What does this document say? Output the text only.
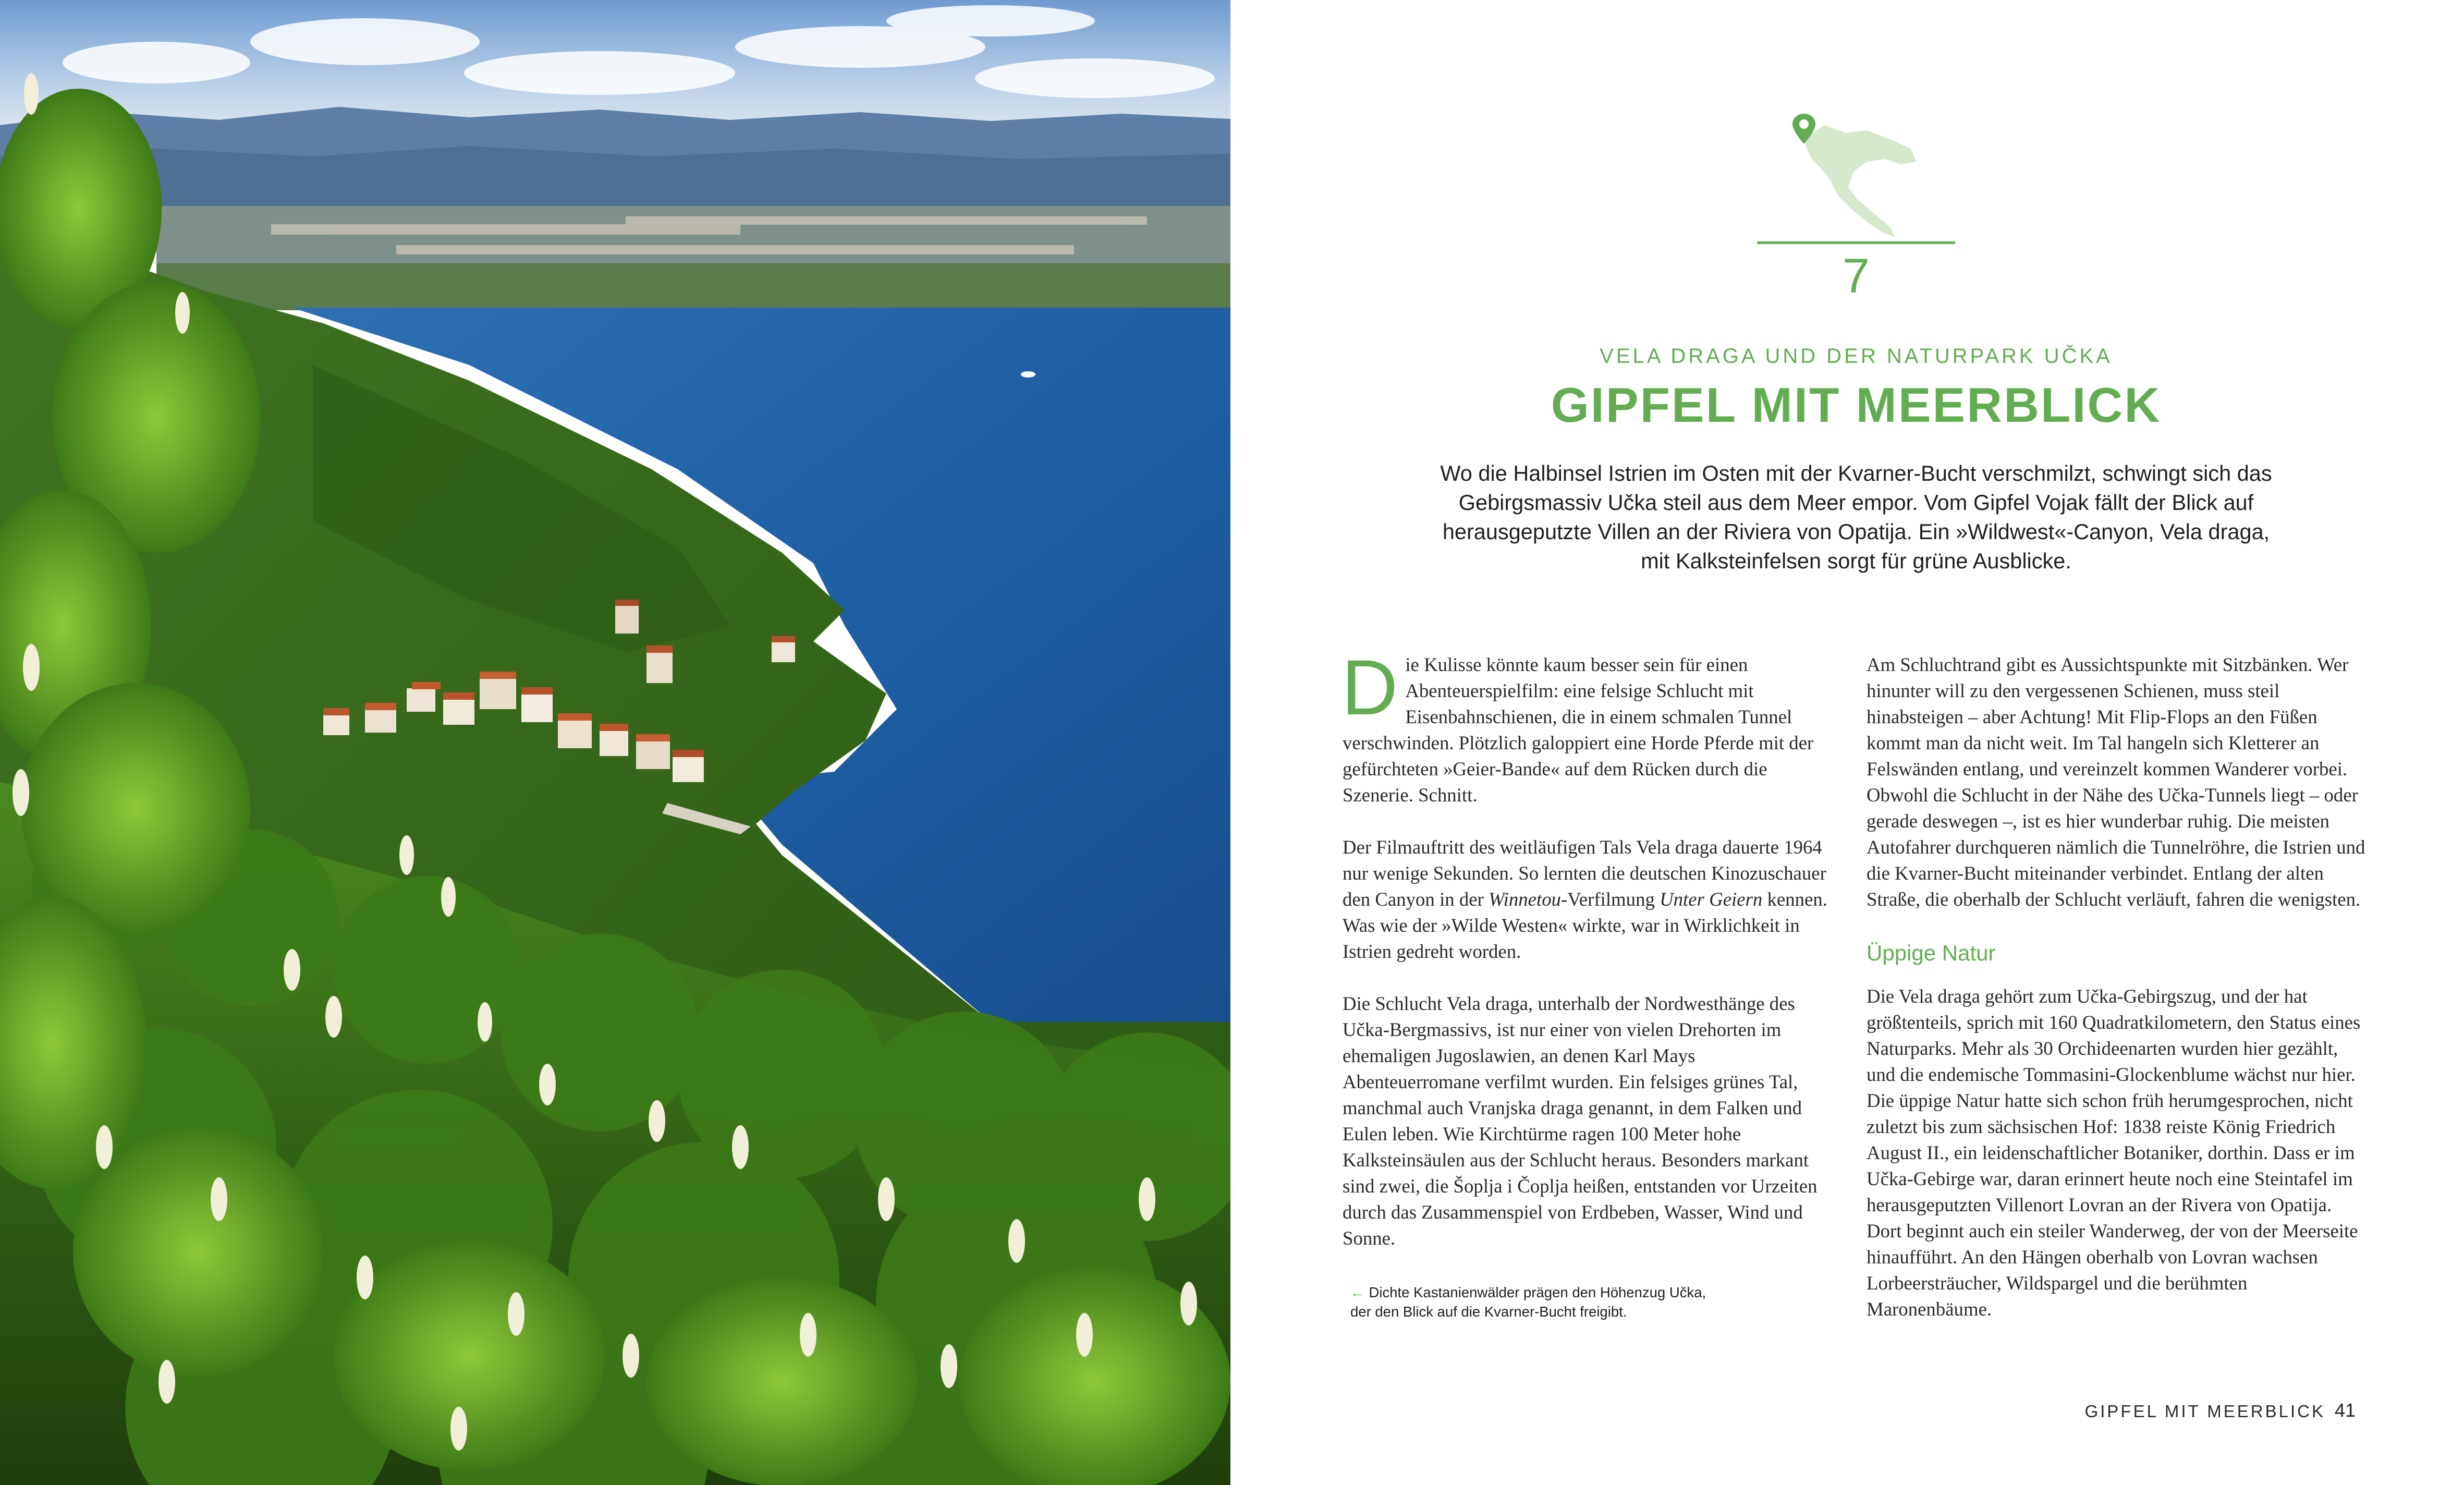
7
VELA DRAGA UND DER NATURPARK UČKA
GIPFEL MIT MEERBLICK
Wo die Halbinsel Istrien im Osten mit der Kvarner-Bucht verschmilzt, schwingt sich das Gebirgsmassiv Učka steil aus dem Meer empor. Vom Gipfel Vojak fällt der Blick auf herausgeputzte Villen an der Riviera von Opatija. Ein »Wildwest«-Canyon, Vela draga, mit Kalksteinfelsen sorgt für grüne Ausblicke.

Die Kulisse könnte kaum besser sein für einen Abenteuerspielfilm: eine felsige Schlucht mit Eisenbahnschienen, die in einem schmalen Tunnel verschwinden. Plötzlich galoppiert eine Horde Pferde mit der gefürchteten »Geier-Bande« auf dem Rücken durch die Szenerie. Schnitt.

Der Filmauftritt des weitläufigen Tals Vela draga dauerte 1964 nur wenige Sekunden. So lernten die deutschen Kinozuschauer den Canyon in der Winnetou-Verfilmung Unter Geiern kennen. Was wie der »Wilde Westen« wirkte, war in Wirklichkeit in Istrien gedreht worden.

Die Schlucht Vela draga, unterhalb der Nordwesthänge des Učka-Bergmassivs, ist nur einer von vielen Drehorten im ehemaligen Jugoslawien, an denen Karl Mays Abenteuerromane verfilmt wurden. Ein felsiges grünes Tal, manchmal auch Vranjska draga genannt, in dem Falken und Eulen leben. Wie Kirchtürme ragen 100 Meter hohe Kalksteinsäulen aus der Schlucht heraus. Besonders markant sind zwei, die Šoplja i Čoplja heißen, entstanden vor Urzeiten durch das Zusammenspiel von Erdbeben, Wasser, Wind und Sonne.

Am Schluchtrand gibt es Aussichtspunkte mit Sitzbänken. Wer hinunter will zu den vergessenen Schienen, muss steil hinabsteigen – aber Achtung! Mit Flip-Flops an den Füßen kommt man da nicht weit. Im Tal hangeln sich Kletterer an Felswänden entlang, und vereinzelt kommen Wanderer vorbei. Obwohl die Schlucht in der Nähe des Učka-Tunnels liegt – oder gerade deswegen –, ist es hier wunderbar ruhig. Die meisten Autofahrer durchqueren nämlich die Tunnelröhre, die Istrien und die Kvarner-Bucht miteinander verbindet. Entlang der alten Straße, die oberhalb der Schlucht verläuft, fahren die wenigsten.

Üppige Natur

Die Vela draga gehört zum Učka-Gebirgszug, und der hat größtenteils, sprich mit 160 Quadratkilometern, den Status eines Naturparks. Mehr als 30 Orchideenarten wurden hier gezählt, und die endemische Tommasini-Glockenblume wächst nur hier. Die üppige Natur hatte sich schon früh herumgesprochen, nicht zuletzt bis zum sächsischen Hof: 1838 reiste König Friedrich August II., ein leidenschaftlicher Botaniker, dorthin. Dass er im Učka-Gebirge war, daran erinnert heute noch eine Steintafel im herausgeputzten Villenort Lovran an der Rivera von Opatija. Dort beginnt auch ein steiler Wanderweg, der von der Meerseite hinaufführt. An den Hängen oberhalb von Lovran wachsen Lorbeersträucher, Wildspargel und die berühmten Maronenbäume.

← Dichte Kastanienwälder prägen den Höhenzug Učka, der den Blick auf die Kvarner-Bucht freigibt.
GIPFEL MIT MEERBLICK 41
